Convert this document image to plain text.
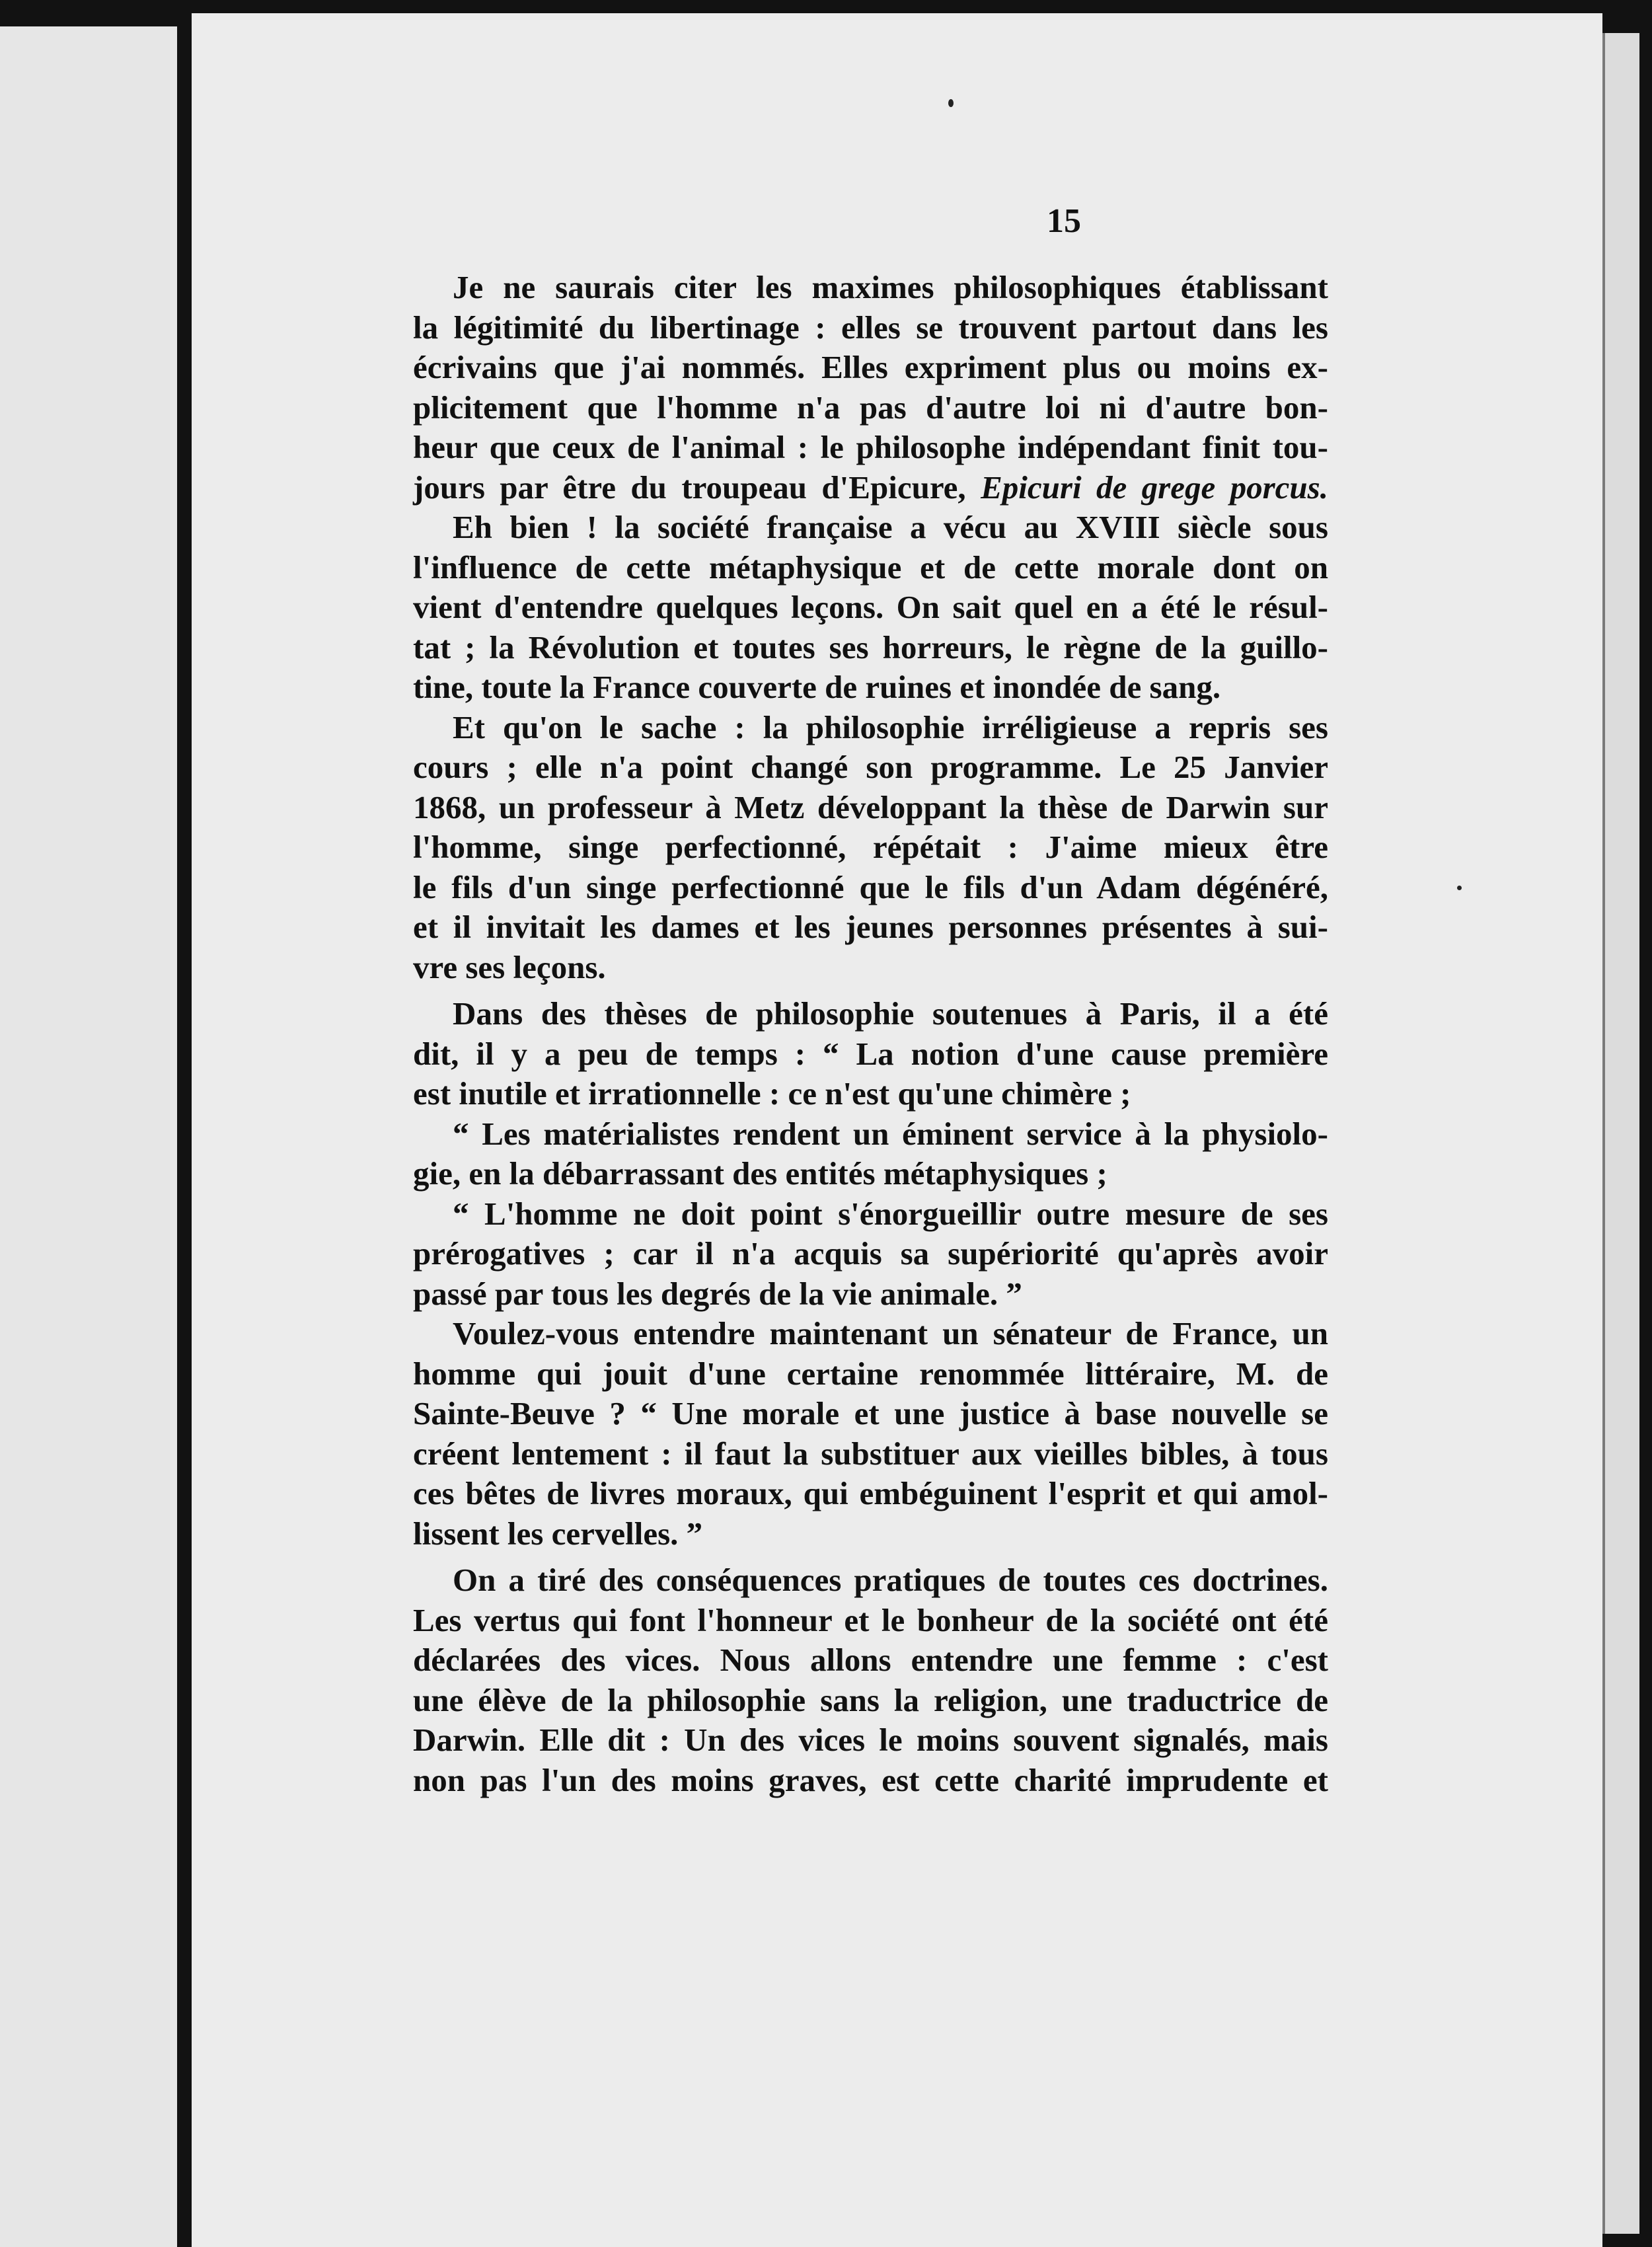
15
Je ne saurais citer les maximes philosophiques établissant
la légitimité du libertinage : elles se trouvent partout dans les
écrivains que j'ai nommés. Elles expriment plus ou moins ex-
plicitement que l'homme n'a pas d'autre loi ni d'autre bon-
heur que ceux de l'animal : le philosophe indépendant finit tou-
jours par être du troupeau d'Epicure, Epicuri de grege porcus.
Eh bien ! la société française a vécu au XVIII siècle sous
l'influence de cette métaphysique et de cette morale dont on
vient d'entendre quelques leçons. On sait quel en a été le résul-
tat ; la Révolution et toutes ses horreurs, le règne de la guillo-
tine, toute la France couverte de ruines et inondée de sang.
Et qu'on le sache : la philosophie irréligieuse a repris ses
cours ; elle n'a point changé son programme. Le 25 Janvier
1868, un professeur à Metz développant la thèse de Darwin sur
l'homme, singe perfectionné, répétait : J'aime mieux être
le fils d'un singe perfectionné que le fils d'un Adam dégénéré,
et il invitait les dames et les jeunes personnes présentes à sui-
vre ses leçons.
Dans des thèses de philosophie soutenues à Paris, il a été
dit, il y a peu de temps : “ La notion d'une cause première
est inutile et irrationnelle : ce n'est qu'une chimère ;
“ Les matérialistes rendent un éminent service à la physiolo-
gie, en la débarrassant des entités métaphysiques ;
“ L'homme ne doit point s'énorgueillir outre mesure de ses
prérogatives ; car il n'a acquis sa supériorité qu'après avoir
passé par tous les degrés de la vie animale. ”
Voulez-vous entendre maintenant un sénateur de France, un
homme qui jouit d'une certaine renommée littéraire, M. de
Sainte-Beuve ? “ Une morale et une justice à base nouvelle se
créent lentement : il faut la substituer aux vieilles bibles, à tous
ces bêtes de livres moraux, qui embéguinent l'esprit et qui amol-
lissent les cervelles. ”
On a tiré des conséquences pratiques de toutes ces doctrines.
Les vertus qui font l'honneur et le bonheur de la société ont été
déclarées des vices. Nous allons entendre une femme : c'est
une élève de la philosophie sans la religion, une traductrice de
Darwin. Elle dit : Un des vices le moins souvent signalés, mais
non pas l'un des moins graves, est cette charité imprudente et
